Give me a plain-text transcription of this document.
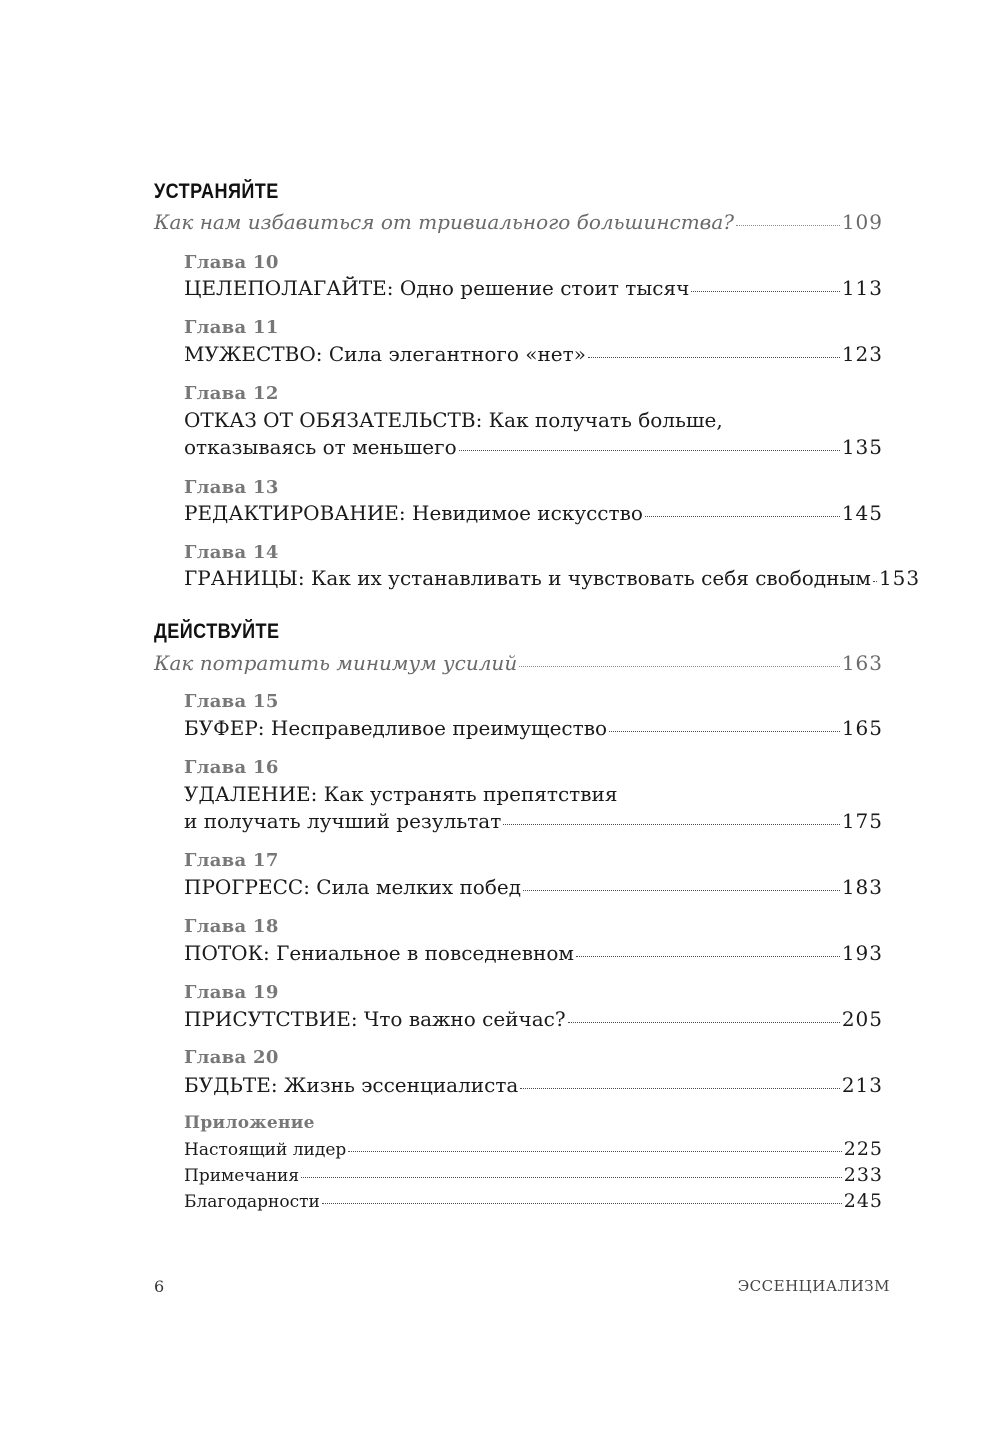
УСТРАНЯЙТЕ
Как нам избавиться от тривиального большинства?	109
Глава 10
ЦЕЛЕПОЛАГАЙТЕ: Одно решение стоит тысяч	113
Глава 11
МУЖЕСТВО: Сила элегантного «нет»	123
Глава 12
ОТКАЗ ОТ ОБЯЗАТЕЛЬСТВ: Как получать больше,
отказываясь от меньшего	135
Глава 13
РЕДАКТИРОВАНИЕ: Невидимое искусство	145
Глава 14
ГРАНИЦЫ: Как их устанавливать и чувствовать себя свободным 153
ДЕЙСТВУЙТЕ
Как потратить минимум усилий	163
Глава 15
БУФЕР: Несправедливое преимущество	165
Глава 16
УДАЛЕНИЕ: Как устранять препятствия
и получать лучший результат	175
Глава 17
ПРОГРЕСС: Сила мелких побед	183
Глава 18
ПОТОК: Гениальное в повседневном	193
Глава 19
ПРИСУТСТВИЕ: Что важно сейчас?	205
Глава 20
БУДЬТЕ: Жизнь эссенциалиста	213
Приложение
Настоящий лидер	225
Примечания	233
Благодарности	245
6	ЭССЕНЦИАЛИЗМ
